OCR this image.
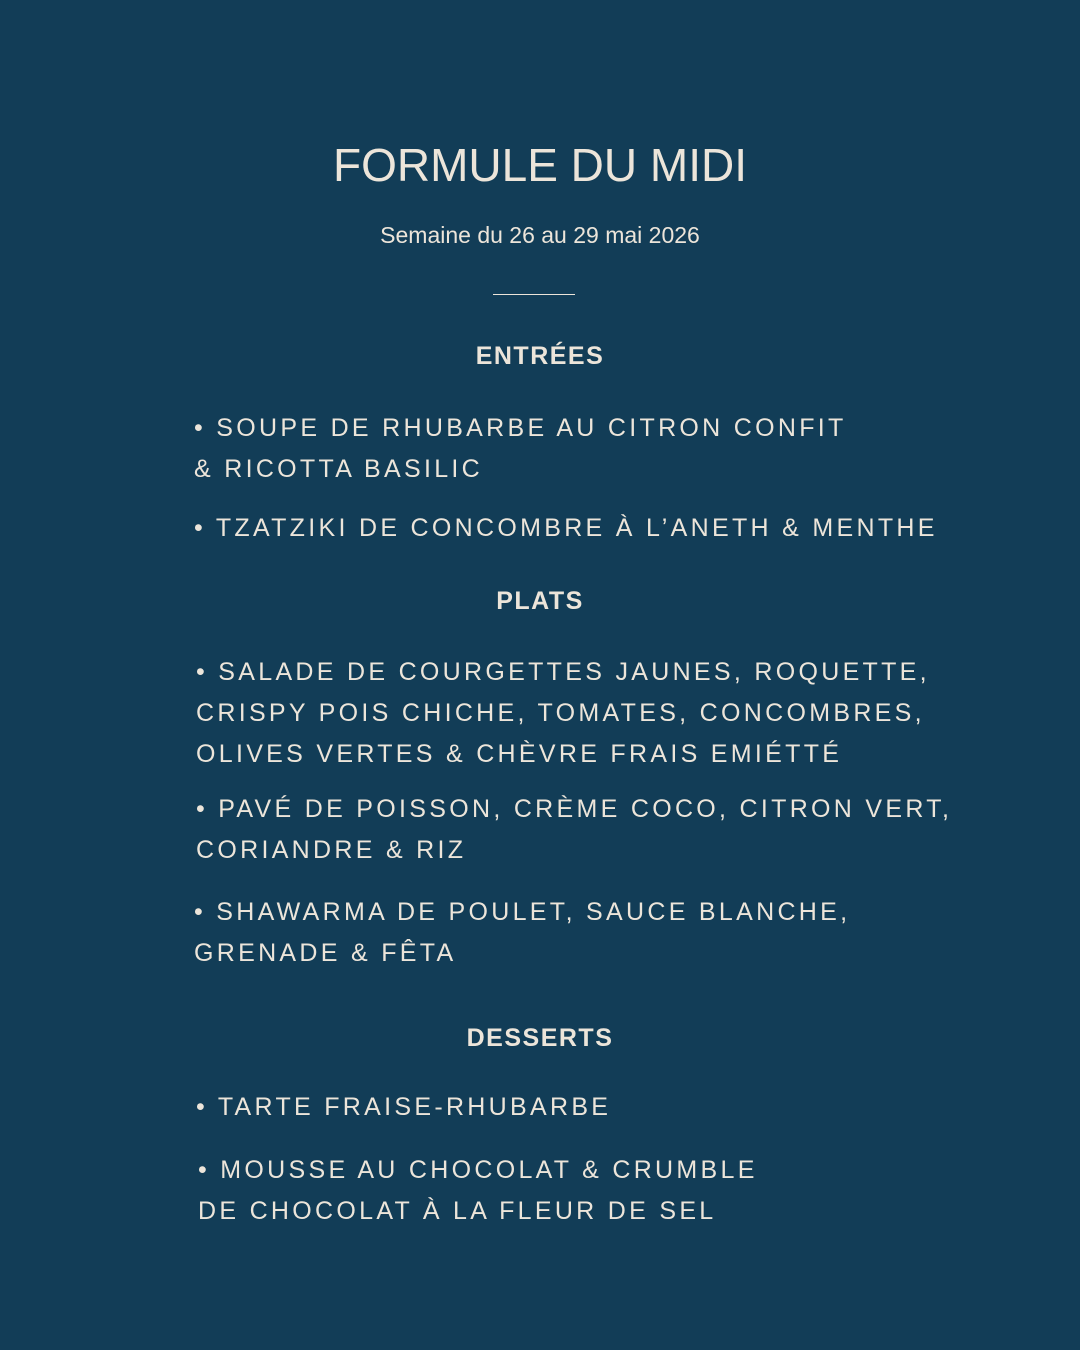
FORMULE DU MIDI
Semaine du 26 au 29 mai 2026
ENTRÉES
• SOUPE DE RHUBARBE AU CITRON CONFIT
& RICOTTA BASILIC
• TZATZIKI DE CONCOMBRE À L’ANETH & MENTHE
PLATS
• SALADE DE COURGETTES JAUNES, ROQUETTE,
CRISPY POIS CHICHE, TOMATES, CONCOMBRES,
OLIVES VERTES & CHÈVRE FRAIS EMIÉTTÉ
• PAVÉ DE POISSON, CRÈME COCO, CITRON VERT,
CORIANDRE & RIZ
• SHAWARMA DE POULET, SAUCE BLANCHE,
GRENADE & FÊTA
DESSERTS
• TARTE FRAISE-RHUBARBE
• MOUSSE AU CHOCOLAT & CRUMBLE
DE CHOCOLAT À LA FLEUR DE SEL
